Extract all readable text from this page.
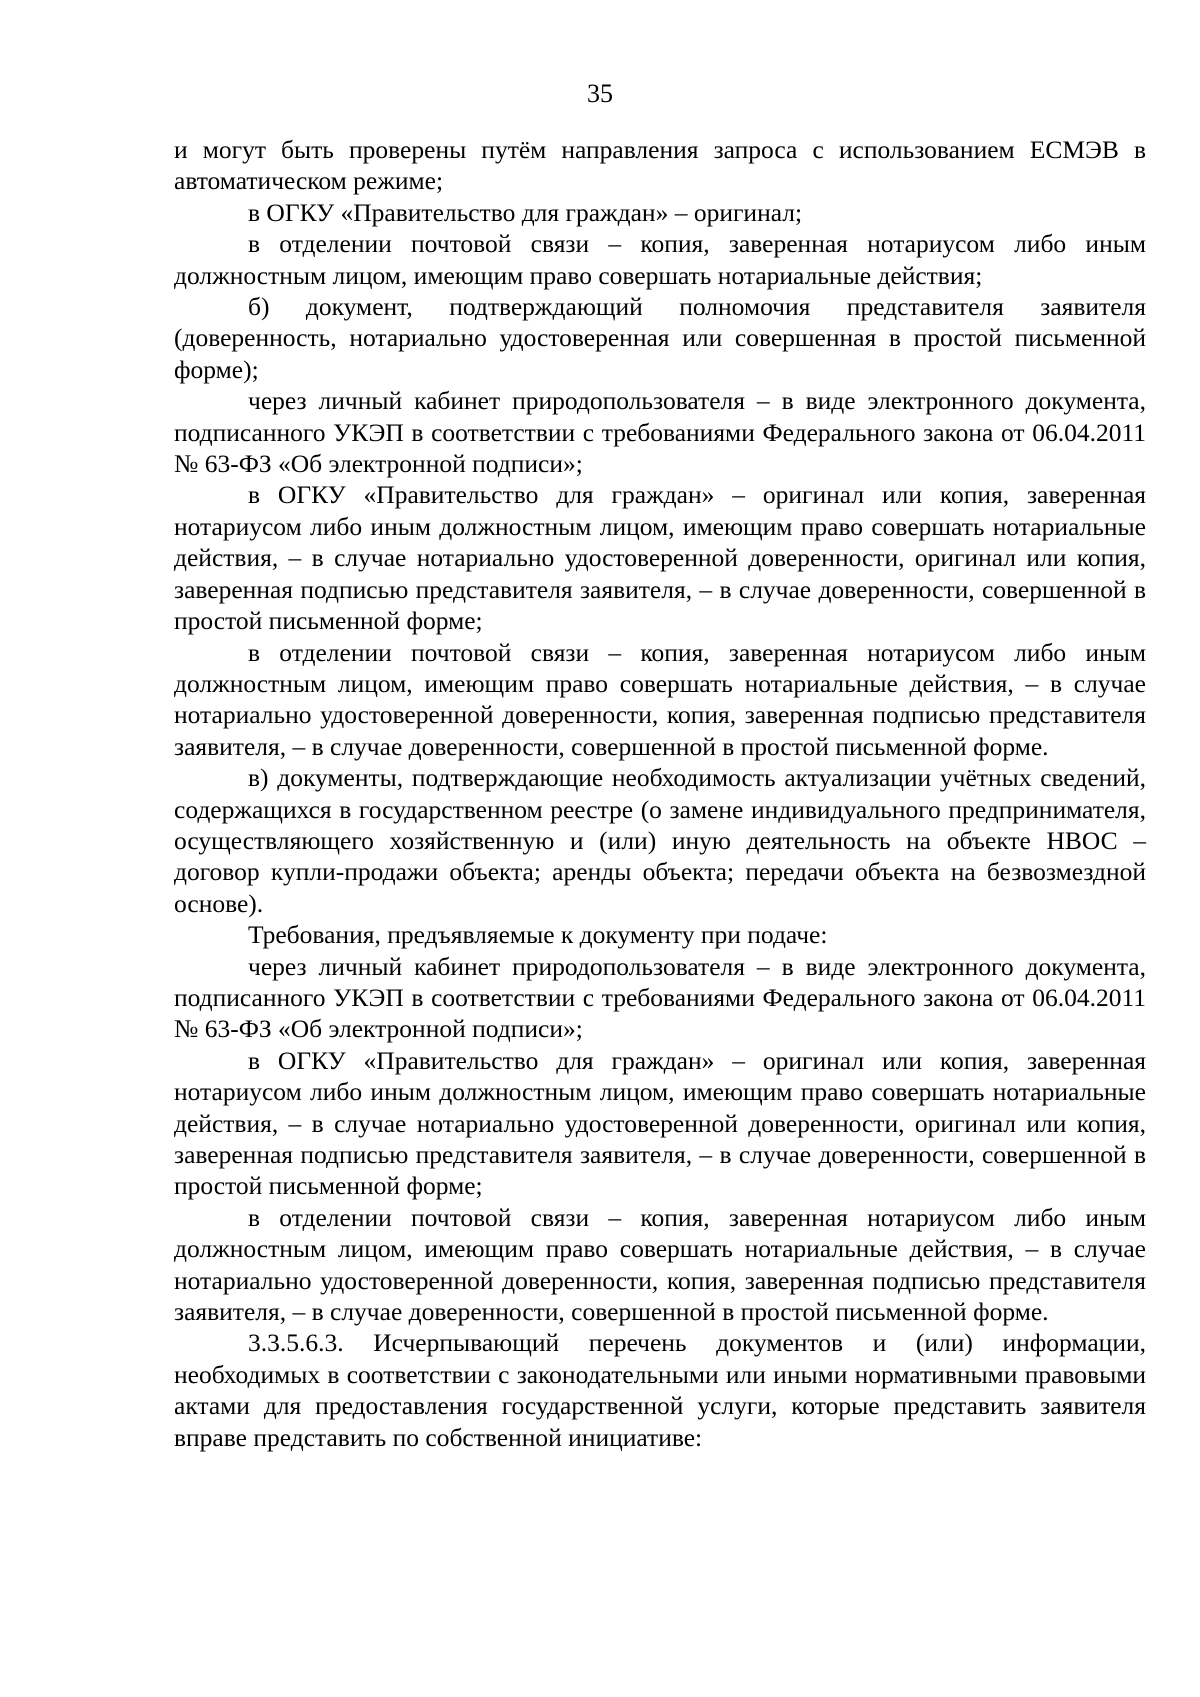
35

и могут быть проверены путём направления запроса с использованием ЕСМЭВ в автоматическом режиме;

в ОГКУ «Правительство для граждан» – оригинал;

в отделении почтовой связи – копия, заверенная нотариусом либо иным должностным лицом, имеющим право совершать нотариальные действия;

б) документ, подтверждающий полномочия представителя заявителя (доверенность, нотариально удостоверенная или совершенная в простой письменной форме);

через личный кабинет природопользователя – в виде электронного документа, подписанного УКЭП в соответствии с требованиями Федерального закона от 06.04.2011 № 63-ФЗ «Об электронной подписи»;

в ОГКУ «Правительство для граждан» – оригинал или копия, заверенная нотариусом либо иным должностным лицом, имеющим право совершать нотариальные действия, – в случае нотариально удостоверенной доверенности, оригинал или копия, заверенная подписью представителя заявителя, – в случае доверенности, совершенной в простой письменной форме;

в отделении почтовой связи – копия, заверенная нотариусом либо иным должностным лицом, имеющим право совершать нотариальные действия, – в случае нотариально удостоверенной доверенности, копия, заверенная подписью представителя заявителя, – в случае доверенности, совершенной в простой письменной форме.

в) документы, подтверждающие необходимость актуализации учётных сведений, содержащихся в государственном реестре (о замене индивидуального предпринимателя, осуществляющего хозяйственную и (или) иную деятельность на объекте НВОС – договор купли-продажи объекта; аренды объекта; передачи объекта на безвозмездной основе).

Требования, предъявляемые к документу при подаче:

через личный кабинет природопользователя – в виде электронного документа, подписанного УКЭП в соответствии с требованиями Федерального закона от 06.04.2011 № 63-ФЗ «Об электронной подписи»;

в ОГКУ «Правительство для граждан» – оригинал или копия, заверенная нотариусом либо иным должностным лицом, имеющим право совершать нотариальные действия, – в случае нотариально удостоверенной доверенности, оригинал или копия, заверенная подписью представителя заявителя, – в случае доверенности, совершенной в простой письменной форме;

в отделении почтовой связи – копия, заверенная нотариусом либо иным должностным лицом, имеющим право совершать нотариальные действия, – в случае нотариально удостоверенной доверенности, копия, заверенная подписью представителя заявителя, – в случае доверенности, совершенной в простой письменной форме.

3.3.5.6.3. Исчерпывающий перечень документов и (или) информации, необходимых в соответствии с законодательными или иными нормативными правовыми актами для предоставления государственной услуги, которые представить заявителя вправе представить по собственной инициативе:
